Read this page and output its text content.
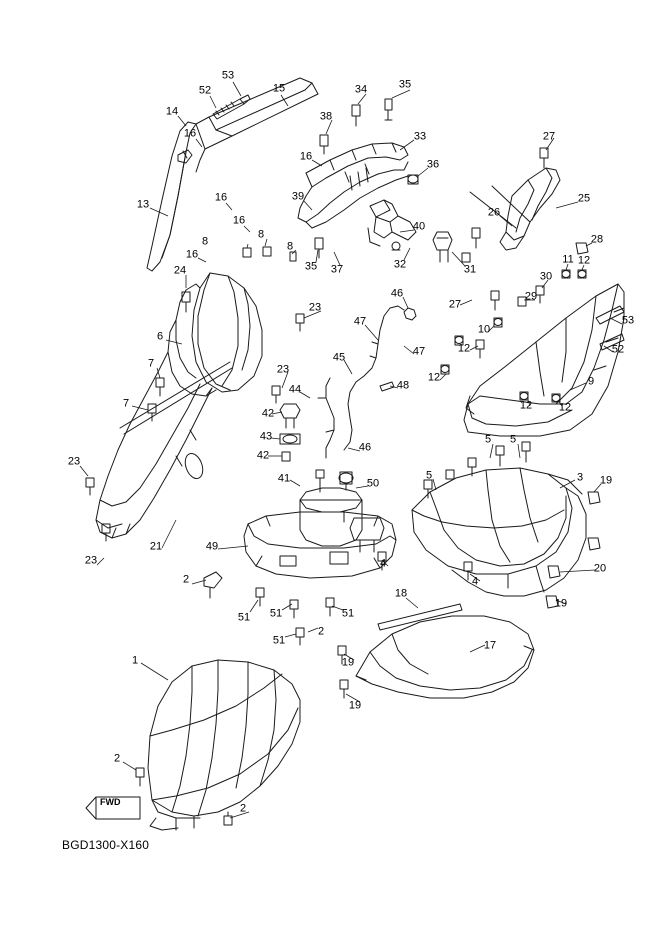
53
52	15	34	35
14	38
33
16
16
27
36
13
39	25
16
16
26
40
28
8
8
8
16
35 37	32	31
11 12
30
24
29
23
46
27
53
6
47
10
52
45	47	12
7	23
9
48
44
12
7
42
12 12
43
46
5 5
42
23
41	50
5	3 19
21	49
23
20
4
4
2
18
19
51 51	51
2
51	17
19
1
19
2
2
FWD
BGD1300-X160
